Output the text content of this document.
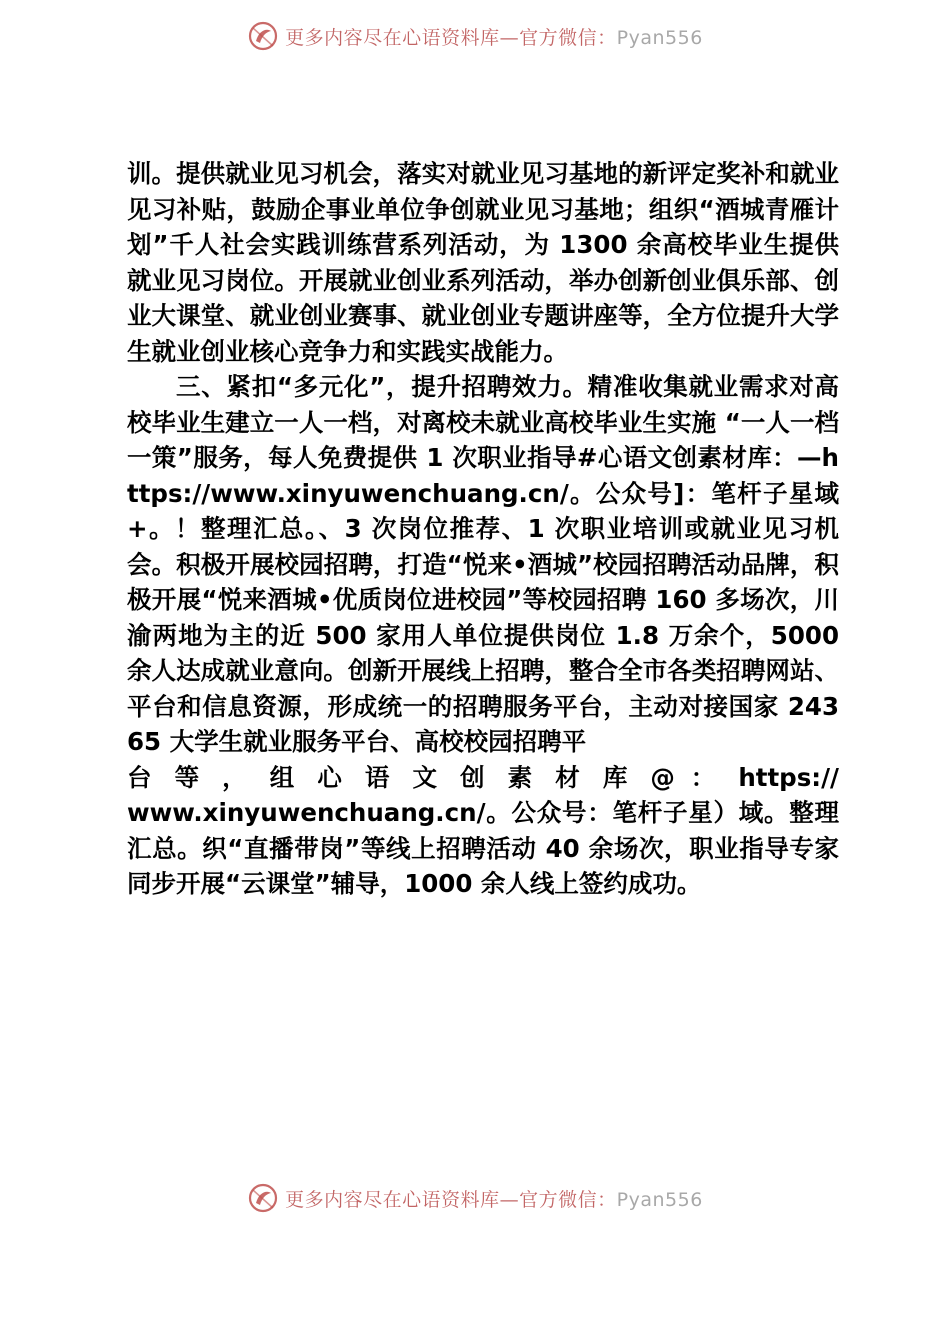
更多内容尽在心语资料库—官方微信：Pyan556

训。提供就业见习机会，落实对就业见习基地的新评定奖补和就业见习补贴，鼓励企事业单位争创就业见习基地；组织“酒城青雁计划”千人社会实践训练营系列活动，为 1300 余高校毕业生提供就业见习岗位。开展就业创业系列活动，举办创新创业俱乐部、创业大课堂、就业创业赛事、就业创业专题讲座等，全方位提升大学生就业创业核心竞争力和实践实战能力。

三、紧扣“多元化”，提升招聘效力。精准收集就业需求对高校毕业生建立一人一档，对离校未就业高校毕业生实施 “一人一档一策”服务，每人免费提供 1 次职业指导#心语文创素材库：—https://www.xinyuwenchuang.cn/。公众号]：笔杆子星域+。！整理汇总。、3 次岗位推荐、1 次职业培训或就业见习机会。积极开展校园招聘，打造“悦来•酒城”校园招聘活动品牌，积极开展“悦来酒城•优质岗位进校园”等校园招聘 160 多场次，川渝两地为主的近 500 家用人单位提供岗位 1.8 万余个，5000 余人达成就业意向。创新开展线上招聘，整合全市各类招聘网站、平台和信息资源，形成统一的招聘服务平台，主动对接国家 24365 大学生就业服务平台、高校校园招聘平

台 等 ， 组 心 语 文 创 素 材 库 @ ： https://

www.xinyuwenchuang.cn/。公众号：笔杆子星）域。整理汇总。织“直播带岗”等线上招聘活动 40 余场次，职业指导专家同步开展“云课堂”辅导，1000 余人线上签约成功。

更多内容尽在心语资料库—官方微信：Pyan556
